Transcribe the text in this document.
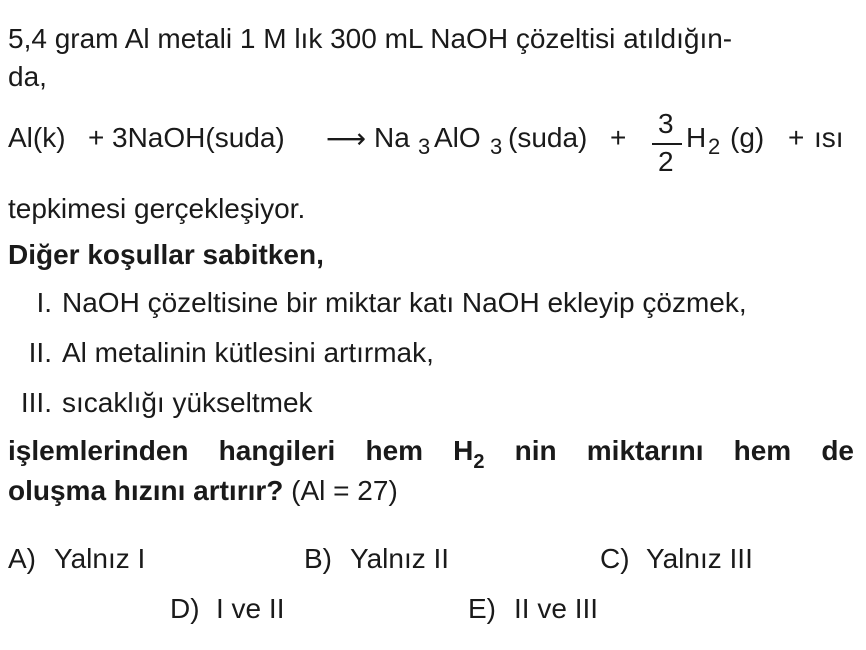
5,4 gram Al metali 1 M lık 300 mL NaOH çözeltisi atıldığın-
da,
Al(k) + 3NaOH(suda) ⟶ Na 3 AlO 3 (suda) + 3
2
H 2 (g) + ısı
tepkimesi gerçekleşiyor.
Diğer koşullar sabitken,
I. NaOH çözeltisine bir miktar katı NaOH ekleyip çözmek,
II. Al metalinin kütlesini artırmak,
III. sıcaklığı yükseltmek
işlemlerinden hangileri hem $H_2$ nin miktarını hem de
oluşma hızını artırır? (Al = 27)
A) Yalnız I	B) Yalnız II	C) Yalnız III
D) I ve II	E) II ve III
